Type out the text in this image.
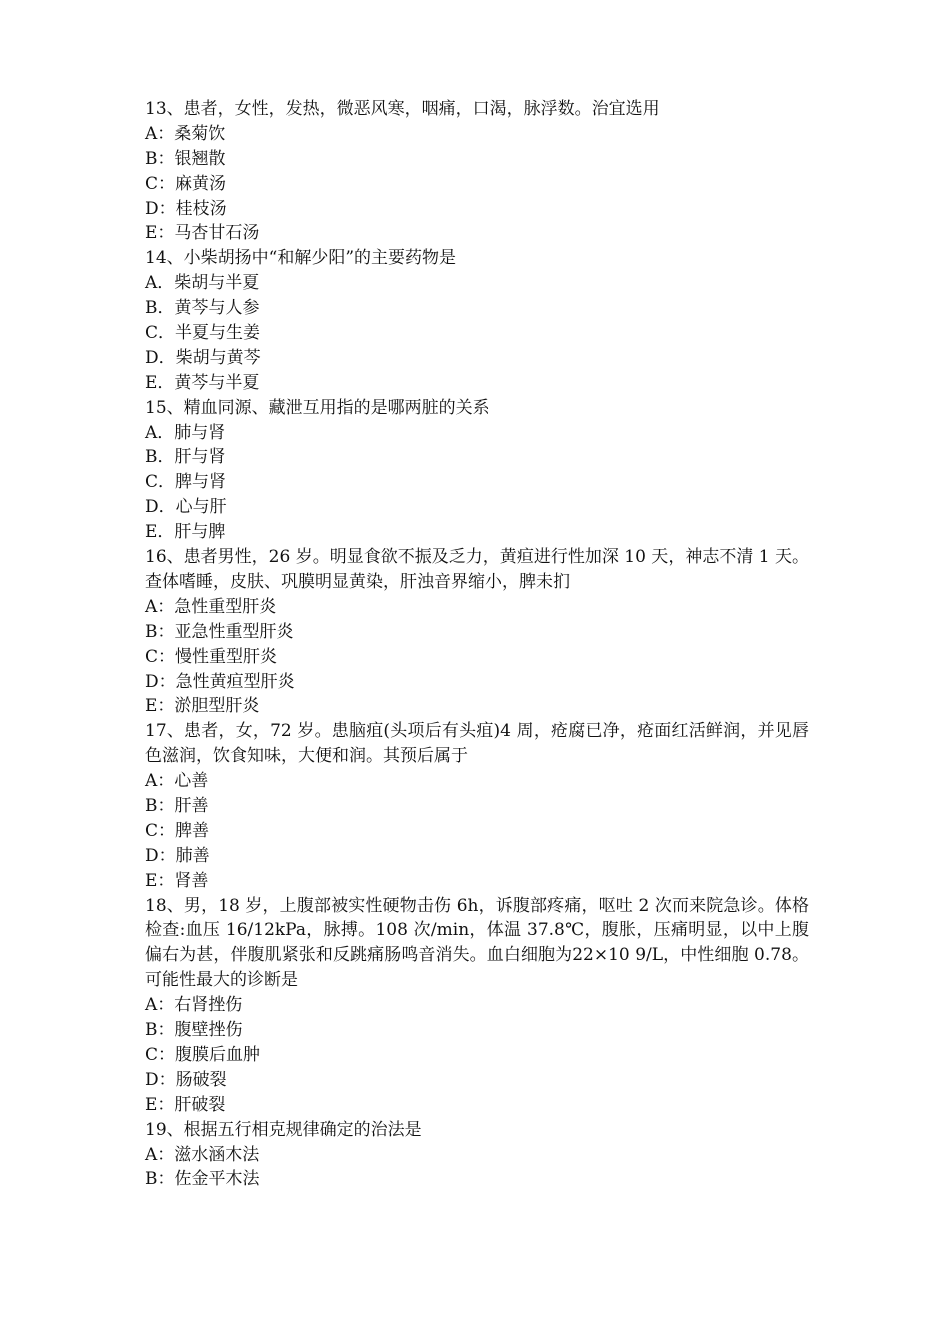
13、患者，女性，发热，微恶风寒，咽痛，口渴，脉浮数。治宜选用
A：桑菊饮
B：银翘散
C：麻黄汤
D：桂枝汤
E：马杏甘石汤
14、小柴胡扬中“和解少阳”的主要药物是
A．柴胡与半夏
B．黄芩与人参
C．半夏与生姜
D．柴胡与黄芩
E．黄芩与半夏
15、精血同源、藏泄互用指的是哪两脏的关系
A．肺与肾
B．肝与肾
C．脾与肾
D．心与肝
E．肝与脾
16、患者男性，26 岁。明显食欲不振及乏力，黄疸进行性加深 10 天，神志不清 1 天。查体嗜睡，皮肤、巩膜明显黄染，肝浊音界缩小，脾未扪
A：急性重型肝炎
B：亚急性重型肝炎
C：慢性重型肝炎
D：急性黄疸型肝炎
E：淤胆型肝炎
17、患者，女，72 岁。患脑疽(头项后有头疽)4 周，疮腐已净，疮面红活鲜润，并见唇色滋润，饮食知味，大便和润。其预后属于
A：心善
B：肝善
C：脾善
D：肺善
E：肾善
18、男，18 岁，上腹部被实性硬物击伤 6h，诉腹部疼痛，呕吐 2 次而来院急诊。体格检查:血压 16/12kPa，脉搏。108 次/min，体温 37.8℃，腹胀，压痛明显，以中上腹偏右为甚，伴腹肌紧张和反跳痛肠鸣音消失。血白细胞为22×10 9/L，中性细胞 0.78。可能性最大的诊断是
A：右肾挫伤
B：腹壁挫伤
C：腹膜后血肿
D：肠破裂
E：肝破裂
19、根据五行相克规律确定的治法是
A：滋水涵木法
B：佐金平木法
